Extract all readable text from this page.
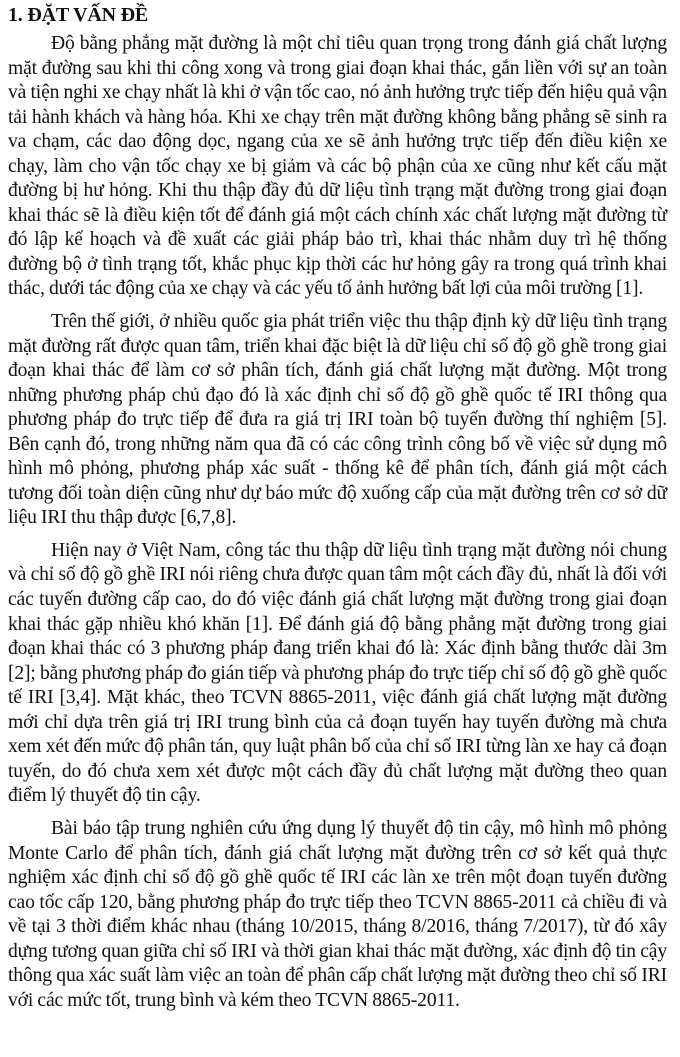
1. ĐẶT VẤN ĐỀ

Độ bằng phẳng mặt đường là một chỉ tiêu quan trọng trong đánh giá chất lượng mặt đường sau khi thi công xong và trong giai đoạn khai thác, gắn liền với sự an toàn và tiện nghi xe chạy nhất là khi ở vận tốc cao, nó ảnh hưởng trực tiếp đến hiệu quả vận tải hành khách và hàng hóa. Khi xe chạy trên mặt đường không bằng phẳng sẽ sinh ra va chạm, các dao động dọc, ngang của xe sẽ ảnh hưởng trực tiếp đến điều kiện xe chạy, làm cho vận tốc chạy xe bị giảm và các bộ phận của xe cũng như kết cấu mặt đường bị hư hỏng. Khi thu thập đầy đủ dữ liệu tình trạng mặt đường trong giai đoạn khai thác sẽ là điều kiện tốt để đánh giá một cách chính xác chất lượng mặt đường từ đó lập kế hoạch và đề xuất các giải pháp bảo trì, khai thác nhằm duy trì hệ thống đường bộ ở tình trạng tốt, khắc phục kịp thời các hư hỏng gây ra trong quá trình khai thác, dưới tác động của xe chạy và các yếu tố ảnh hưởng bất lợi của môi trường [1].

Trên thế giới, ở nhiều quốc gia phát triển việc thu thập định kỳ dữ liệu tình trạng mặt đường rất được quan tâm, triển khai đặc biệt là dữ liệu chỉ số độ gồ ghề trong giai đoạn khai thác để làm cơ sở phân tích, đánh giá chất lượng mặt đường. Một trong những phương pháp chủ đạo đó là xác định chỉ số độ gồ ghề quốc tế IRI thông qua phương pháp đo trực tiếp để đưa ra giá trị IRI toàn bộ tuyến đường thí nghiệm [5]. Bên cạnh đó, trong những năm qua đã có các công trình công bố về việc sử dụng mô hình mô phỏng, phương pháp xác suất - thống kê để phân tích, đánh giá một cách tương đối toàn diện cũng như dự báo mức độ xuống cấp của mặt đường trên cơ sở dữ liệu IRI thu thập được [6,7,8].

Hiện nay ở Việt Nam, công tác thu thập dữ liệu tình trạng mặt đường nói chung và chỉ số độ gồ ghề IRI nói riêng chưa được quan tâm một cách đầy đủ, nhất là đối với các tuyến đường cấp cao, do đó việc đánh giá chất lượng mặt đường trong giai đoạn khai thác gặp nhiều khó khăn [1]. Để đánh giá độ bằng phẳng mặt đường trong giai đoạn khai thác có 3 phương pháp đang triển khai đó là: Xác định bằng thước dài 3m [2]; bằng phương pháp đo gián tiếp và phương pháp đo trực tiếp chỉ số độ gồ ghề quốc tế IRI [3,4]. Mặt khác, theo TCVN 8865-2011, việc đánh giá chất lượng mặt đường mới chỉ dựa trên giá trị IRI trung bình của cả đoạn tuyến hay tuyến đường mà chưa xem xét đến mức độ phân tán, quy luật phân bố của chỉ số IRI từng làn xe hay cả đoạn tuyến, do đó chưa xem xét được một cách đầy đủ chất lượng mặt đường theo quan điểm lý thuyết độ tin cậy.

Bài báo tập trung nghiên cứu ứng dụng lý thuyết độ tin cậy, mô hình mô phỏng Monte Carlo để phân tích, đánh giá chất lượng mặt đường trên cơ sở kết quả thực nghiệm xác định chỉ số độ gồ ghề quốc tế IRI các làn xe trên một đoạn tuyến đường cao tốc cấp 120, bằng phương pháp đo trực tiếp theo TCVN 8865-2011 cả chiều đi và về tại 3 thời điểm khác nhau (tháng 10/2015, tháng 8/2016, tháng 7/2017), từ đó xây dựng tương quan giữa chỉ số IRI và thời gian khai thác mặt đường, xác định độ tin cậy thông qua xác suất làm việc an toàn để phân cấp chất lượng mặt đường theo chỉ số IRI với các mức tốt, trung bình và kém theo TCVN 8865-2011.
